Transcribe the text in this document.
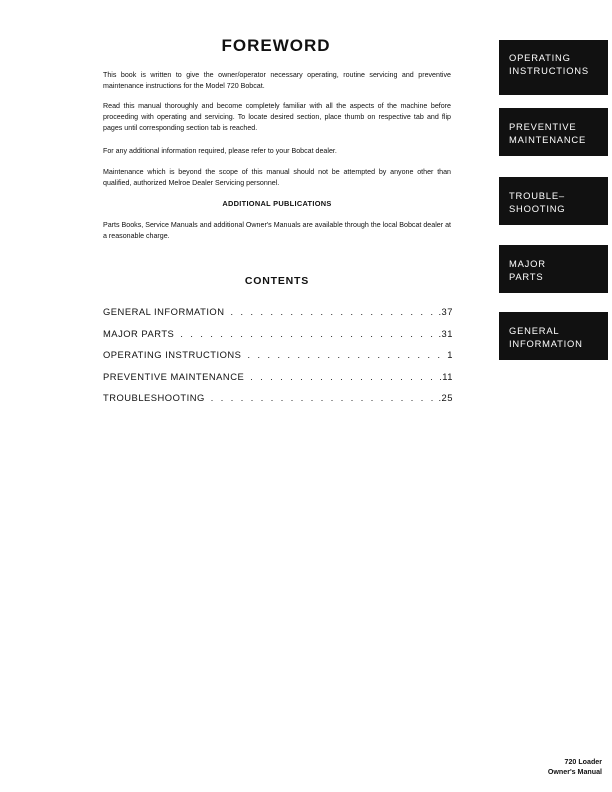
FOREWORD

This book is written to give the owner/operator necessary operating, routine servicing and preventive maintenance instructions for the Model 720 Bobcat.

Read this manual thoroughly and become completely familiar with all the aspects of the machine before proceeding with operating and servicing. To locate desired section, place thumb on respective tab and flip pages until corresponding section tab is reached.

For any additional information required, please refer to your Bobcat dealer.

Maintenance which is beyond the scope of this manual should not be attempted by anyone other than qualified, authorized Melroe Dealer Servicing personnel.

ADDITIONAL PUBLICATIONS

Parts Books, Service Manuals and additional Owner's Manuals are available through the local Bobcat dealer at a reasonable charge.

CONTENTS
GENERAL INFORMATION . . .	.37
MAJOR PARTS . . .	.31
OPERATING INSTRUCTIONS . . .	1
PREVENTIVE MAINTENANCE . . .	.11
TROUBLESHOOTING . . .	.25
OPERATING
INSTRUCTIONS
PREVENTIVE
MAINTENANCE
TROUBLE–
SHOOTING
MAJOR
PARTS
GENERAL
INFORMATION
720 Loader
Owner's Manual
